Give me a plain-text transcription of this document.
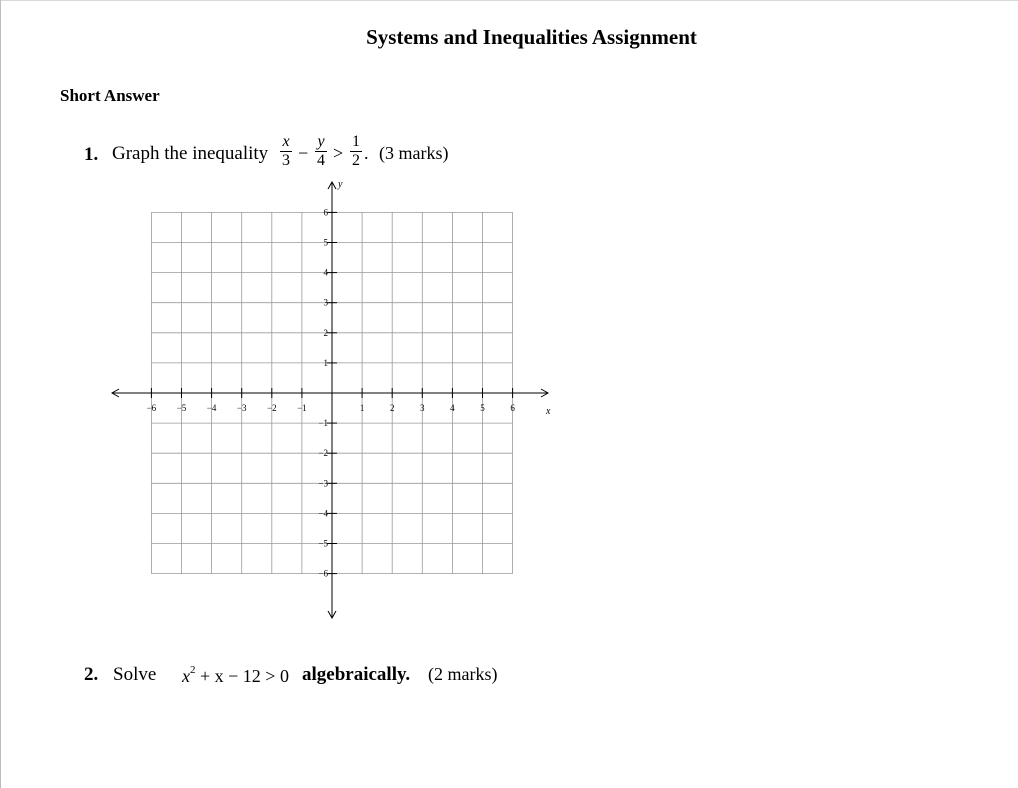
Systems and Inequalities Assignment
Short Answer
1. Graph the inequality
x
3 −
y
4 >
1
2 . (3 marks)
−6 −5 −4 −3 −2 −1	1	2	3	4	5	6
6
5
4
3
2
1
−1
−2
−3
−4
−5
−6
x
y
2. Solve $x^2 + x - 12 > 0$ algebraically. (2 marks)
